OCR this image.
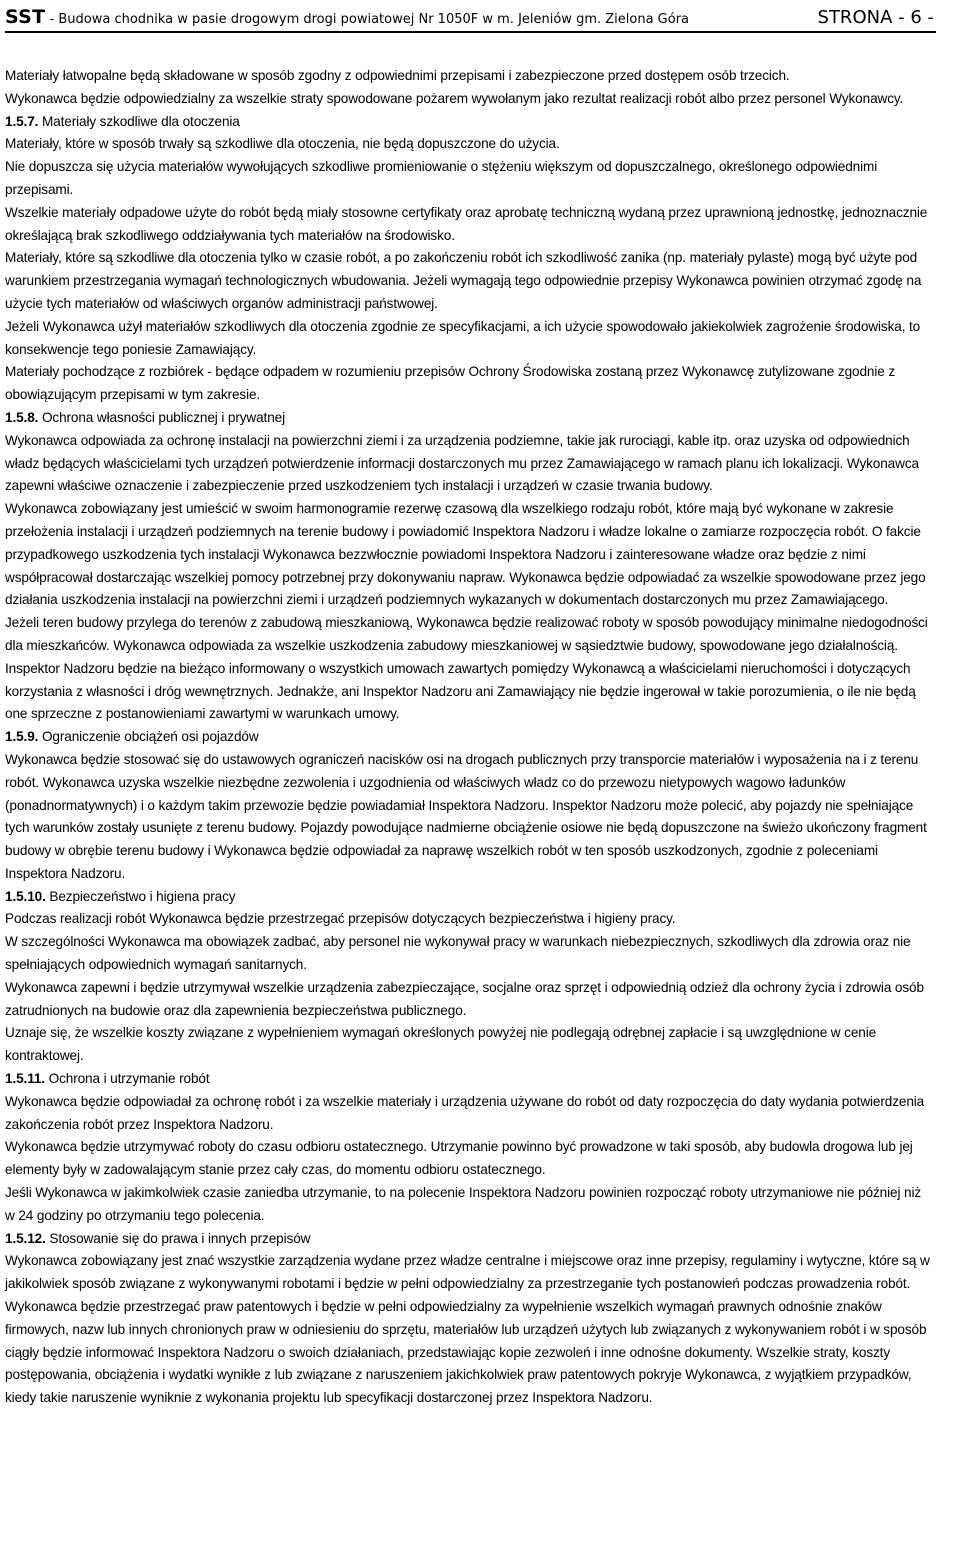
SST - Budowa chodnika w pasie drogowym drogi powiatowej Nr 1050F w m. Jeleniów gm. Zielona Góra	STRONA - 6 -

Materiały łatwopalne będą składowane w sposób zgodny z odpowiednimi przepisami i zabezpieczone przed dostępem osób trzecich.

Wykonawca będzie odpowiedzialny za wszelkie straty spowodowane pożarem wywołanym jako rezultat realizacji robót albo przez personel Wykonawcy.

1.5.7. Materiały szkodliwe dla otoczenia

Materiały, które w sposób trwały są szkodliwe dla otoczenia, nie będą dopuszczone do użycia.

Nie dopuszcza się użycia materiałów wywołujących szkodliwe promieniowanie o stężeniu większym od dopuszczalnego, określonego odpowiednimi przepisami.

Wszelkie materiały odpadowe użyte do robót będą miały stosowne certyfikaty oraz aprobatę techniczną wydaną przez uprawnioną jednostkę, jednoznacznie określającą brak szkodliwego oddziaływania tych materiałów na środowisko.

Materiały, które są szkodliwe dla otoczenia tylko w czasie robót, a po zakończeniu robót ich szkodliwość zanika (np. materiały pylaste) mogą być użyte pod warunkiem przestrzegania wymagań technologicznych wbudowania. Jeżeli wymagają tego odpowiednie przepisy Wykonawca powinien otrzymać zgodę na użycie tych materiałów od właściwych organów administracji państwowej.

Jeżeli Wykonawca użył materiałów szkodliwych dla otoczenia zgodnie ze specyfikacjami, a ich użycie spowodowało jakiekolwiek zagrożenie środowiska, to konsekwencje tego poniesie Zamawiający.

Materiały pochodzące z rozbiórek - będące odpadem w rozumieniu przepisów Ochrony Środowiska zostaną przez Wykonawcę zutylizowane zgodnie z obowiązującym przepisami w tym zakresie.

1.5.8. Ochrona własności publicznej i prywatnej

Wykonawca odpowiada za ochronę instalacji na powierzchni ziemi i za urządzenia podziemne, takie jak rurociągi, kable itp. oraz uzyska od odpowiednich władz będących właścicielami tych urządzeń potwierdzenie informacji dostarczonych mu przez Zamawiającego w ramach planu ich lokalizacji. Wykonawca zapewni właściwe oznaczenie i zabezpieczenie przed uszkodzeniem tych instalacji i urządzeń w czasie trwania budowy.

Wykonawca zobowiązany jest umieścić w swoim harmonogramie rezerwę czasową dla wszelkiego rodzaju robót, które mają być wykonane w zakresie przełożenia instalacji i urządzeń podziemnych na terenie budowy i powiadomić Inspektora Nadzoru i władze lokalne o zamiarze rozpoczęcia robót. O fakcie przypadkowego uszkodzenia tych instalacji Wykonawca bezzwłocznie powiadomi Inspektora Nadzoru i zainteresowane władze oraz będzie z nimi współpracował dostarczając wszelkiej pomocy potrzebnej przy dokonywaniu napraw. Wykonawca będzie odpowiadać za wszelkie spowodowane przez jego działania uszkodzenia instalacji na powierzchni ziemi i urządzeń podziemnych wykazanych w dokumentach dostarczonych mu przez Zamawiającego.

Jeżeli teren budowy przylega do terenów z zabudową mieszkaniową, Wykonawca będzie realizować roboty w sposób powodujący minimalne niedogodności dla mieszkańców. Wykonawca odpowiada za wszelkie uszkodzenia zabudowy mieszkaniowej w sąsiedztwie budowy, spowodowane jego działalnością.

Inspektor Nadzoru będzie na bieżąco informowany o wszystkich umowach zawartych pomiędzy Wykonawcą a właścicielami nieruchomości i dotyczących korzystania z własności i dróg wewnętrznych. Jednakże, ani Inspektor Nadzoru ani Zamawiający nie będzie ingerował w takie porozumienia, o ile nie będą one sprzeczne z postanowieniami zawartymi w warunkach umowy.

1.5.9. Ograniczenie obciążeń osi pojazdów

Wykonawca będzie stosować się do ustawowych ograniczeń nacisków osi na drogach publicznych przy transporcie materiałów i wyposażenia na i z terenu robót. Wykonawca uzyska wszelkie niezbędne zezwolenia i uzgodnienia od właściwych władz co do przewozu nietypowych wagowo ładunków (ponadnormatywnych) i o każdym takim przewozie będzie powiadamiał Inspektora Nadzoru. Inspektor Nadzoru może polecić, aby pojazdy nie spełniające tych warunków zostały usunięte z terenu budowy. Pojazdy powodujące nadmierne obciążenie osiowe nie będą dopuszczone na świeżo ukończony fragment budowy w obrębie terenu budowy i Wykonawca będzie odpowiadał za naprawę wszelkich robót w ten sposób uszkodzonych, zgodnie z poleceniami Inspektora Nadzoru.

1.5.10. Bezpieczeństwo i higiena pracy

Podczas realizacji robót Wykonawca będzie przestrzegać przepisów dotyczących bezpieczeństwa i higieny pracy.

W szczególności Wykonawca ma obowiązek zadbać, aby personel nie wykonywał pracy w warunkach niebezpiecznych, szkodliwych dla zdrowia oraz nie spełniających odpowiednich wymagań sanitarnych.

Wykonawca zapewni i będzie utrzymywał wszelkie urządzenia zabezpieczające, socjalne oraz sprzęt i odpowiednią odzież dla ochrony życia i zdrowia osób zatrudnionych na budowie oraz dla zapewnienia bezpieczeństwa publicznego.

Uznaje się, że wszelkie koszty związane z wypełnieniem wymagań określonych powyżej nie podlegają odrębnej zapłacie i są uwzględnione w cenie kontraktowej.

1.5.11. Ochrona i utrzymanie robót

Wykonawca będzie odpowiadał za ochronę robót i za wszelkie materiały i urządzenia używane do robót od daty rozpoczęcia do daty wydania potwierdzenia zakończenia robót przez Inspektora Nadzoru.

Wykonawca będzie utrzymywać roboty do czasu odbioru ostatecznego. Utrzymanie powinno być prowadzone w taki sposób, aby budowla drogowa lub jej elementy były w zadowalającym stanie przez cały czas, do momentu odbioru ostatecznego.

Jeśli Wykonawca w jakimkolwiek czasie zaniedba utrzymanie, to na polecenie Inspektora Nadzoru powinien rozpocząć roboty utrzymaniowe nie później niż w 24 godziny po otrzymaniu tego polecenia.

1.5.12. Stosowanie się do prawa i innych przepisów

Wykonawca zobowiązany jest znać wszystkie zarządzenia wydane przez władze centralne i miejscowe oraz inne przepisy, regulaminy i wytyczne, które są w jakikolwiek sposób związane z wykonywanymi robotami i będzie w pełni odpowiedzialny za przestrzeganie tych postanowień podczas prowadzenia robót.

Wykonawca będzie przestrzegać praw patentowych i będzie w pełni odpowiedzialny za wypełnienie wszelkich wymagań prawnych odnośnie znaków firmowych, nazw lub innych chronionych praw w odniesieniu do sprzętu, materiałów lub urządzeń użytych lub związanych z wykonywaniem robót i w sposób ciągły będzie informować Inspektora Nadzoru o swoich działaniach, przedstawiając kopie zezwoleń i inne odnośne dokumenty. Wszelkie straty, koszty postępowania, obciążenia i wydatki wynikłe z lub związane z naruszeniem jakichkolwiek praw patentowych pokryje Wykonawca, z wyjątkiem przypadków, kiedy takie naruszenie wyniknie z wykonania projektu lub specyfikacji dostarczonej przez Inspektora Nadzoru.
